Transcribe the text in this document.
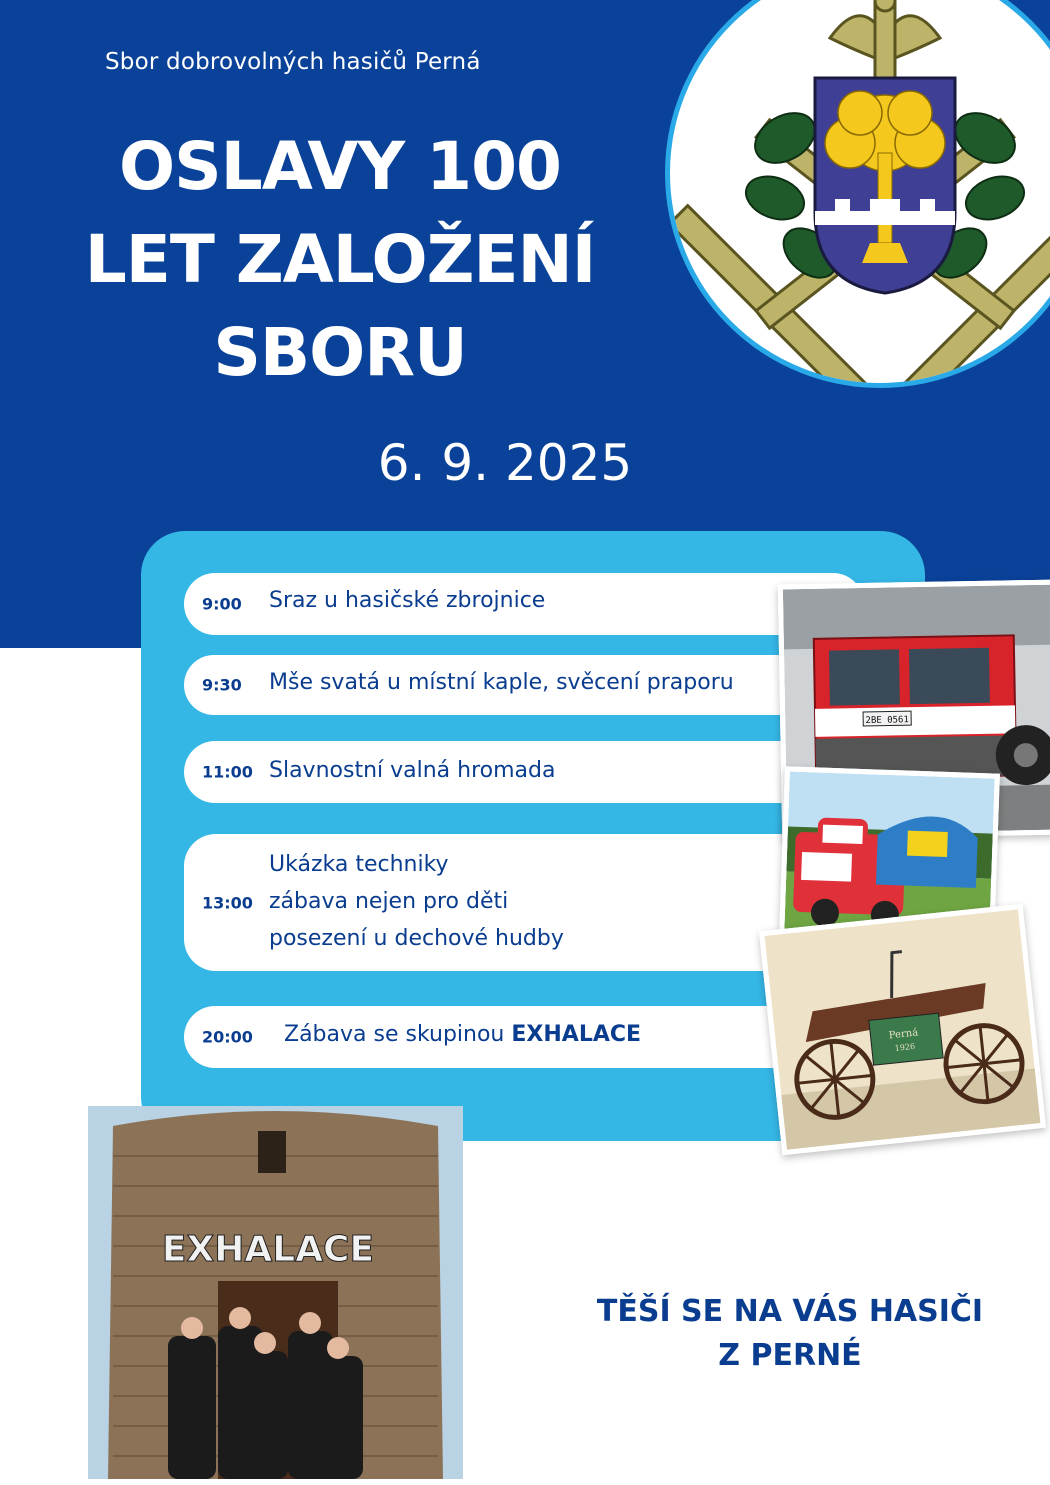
Sbor dobrovolných hasičů Perná
OSLAVY 100
LET ZALOŽENÍ
SBORU
6. 9. 2025
9:00 Sraz u hasičské zbrojnice
9:30 Mše svatá u místní kaple, svěcení praporu
11:00 Slavnostní valná hromada
13:00
Ukázka techniky
zábava nejen pro děti
posezení u dechové hudby
20:00 Zábava se skupinou EXHALACE
2BE 0561
Perná
1926
EXHALACE
TĚŠÍ SE NA VÁS HASIČI
Z PERNÉ
